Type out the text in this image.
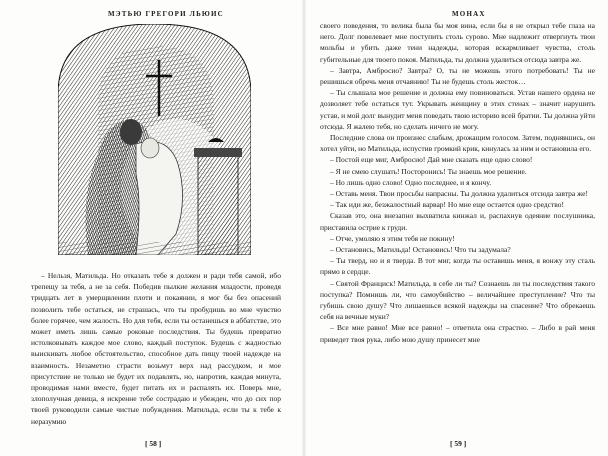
МЭТЬЮ ГРЕГОРИ ЛЬЮИС

– Нельзя, Матильда. Но отказать тебе я должен и ради тебя самой, ибо трепещу за тебя, а не за себя. Победив пылкие желания младости, проведя тридцать лет в умерщвлении плоти и покаянии, я мог бы без опасений позволить тебе остаться, не страшась, что ты пробудишь во мне чувство более горячее, чем жалость. Но для тебя, если ты останешься в аббатстве, это может иметь лишь самые роковые последствия. Ты будешь превратно истолковывать каждое мое слово, каждый поступок. Будешь с жадностью выискивать любое обстоятельство, способное дать пищу твоей надежде на взаимность. Незаметно страсти возьмут верх над рассудком, и мое присутствие не только не будет их подавлять, но, напротив, каждая минута, проводимая нами вместе, будет питать их и распалять их. Поверь мне, злополучная девица, я искренне тебе сострадаю и убежден, что до сих пор твоей руководили самые чистые побуждения. Матильда, если ты к тебе к неразумию

[ 58 ]
МОНАХ

своего поведения, то велика была бы моя вина, если бы я не открыл тебе глаза на него. Долг повелевает мне поступить столь сурово. Мне надлежит отвергнуть твои мольбы и убить даже тени надежды, которая вскармливает чувства, столь губительные для твоего покоя. Матильда, ты должна удалиться отсюда завтра же.

– Завтра, Амбросио? Завтра? О, ты не можешь этого потребовать! Ты не решишься обречь меня отчаянию! Ты не будешь столь жесток…

– Ты слышала мое решение и должна ему повиноваться. Устав нашего ордена не дозволяет тебе остаться тут. Укрывать женщину в этих стенах – значит нарушить устав, и мой долг вынудит меня поведать твою историю всей братии. Ты должна уйти отсюда. Я жалею тебя, но сделать ничего не могу.

Последние слова он произнес слабым, дрожащим голосом. Затем, поднявшись, он хотел уйти, но Матильда, испустив громкий крик, кинулась за ним и остановила его.

– Постой еще миг, Амбросио! Дай мне сказать еще одно слово!

– Я не смею слушать! Посторонись! Ты знаешь мое решение.

– Но лишь одно слово! Одно последнее, и я кончу.

– Оставь меня. Твои просьбы напрасны. Ты должна удалиться отсюда завтра же!

– Так иди же, безжалостный варвар! Но мне еще остается одно средство!

Сказав это, она внезапно выхватила кинжал и, распахнув одеяние послушника, приставила острие к груди.

– Отче, умоляю я этим тебя не покину!

– Остановись, Матильда! Остановись! Что ты задумала?

– Ты тверд, но и я тверда. В тот миг, когда ты оставишь меня, я вонжу эту сталь прямо в сердце.

– Святой Франциск! Матильда, в себе ли ты? Сознаешь ли ты последствия такого поступка? Помнишь ли, что самоубийство – величайшее преступление? Что ты губишь свою душу? Что лишаешься всякой надежды на спасение? Что обрекаешь себя на вечные муки?

– Все мне равно! Мне все равно! – ответила она страстно. – Либо в рай меня приведет твоя рука, либо мою душу принесет мне

[ 59 ]
